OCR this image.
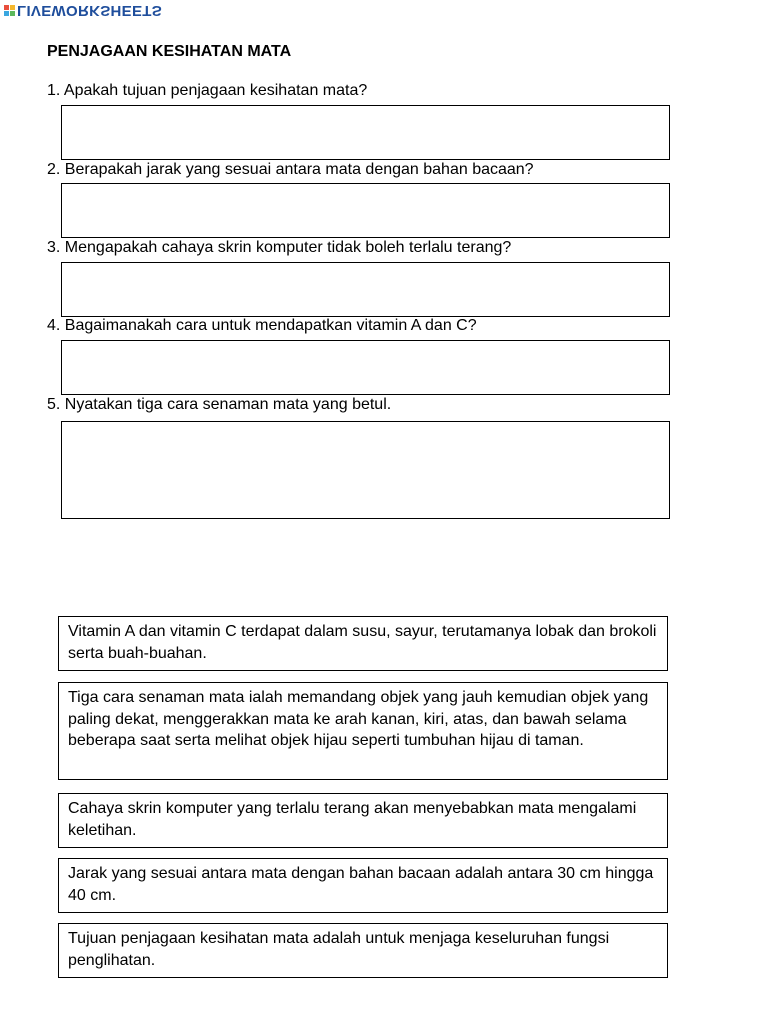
LIVEWORKSHEETS
PENJAGAAN KESIHATAN MATA
1. Apakah tujuan penjagaan kesihatan mata?
2. Berapakah jarak yang sesuai antara mata dengan bahan bacaan?
3. Mengapakah cahaya skrin komputer tidak boleh terlalu terang?
4. Bagaimanakah cara untuk mendapatkan vitamin A dan C?
5. Nyatakan tiga cara senaman mata yang betul.
Vitamin A dan vitamin C terdapat dalam susu, sayur, terutamanya lobak dan brokoli serta buah-buahan.
Tiga cara senaman mata ialah memandang objek yang jauh kemudian objek yang paling dekat, menggerakkan mata ke arah kanan, kiri, atas, dan bawah selama beberapa saat serta melihat objek hijau seperti tumbuhan hijau di taman.
Cahaya skrin komputer yang terlalu terang akan menyebabkan mata mengalami keletihan.
Jarak yang sesuai antara mata dengan bahan bacaan adalah antara 30 cm hingga 40 cm.
Tujuan penjagaan kesihatan mata adalah untuk menjaga keseluruhan fungsi penglihatan.
